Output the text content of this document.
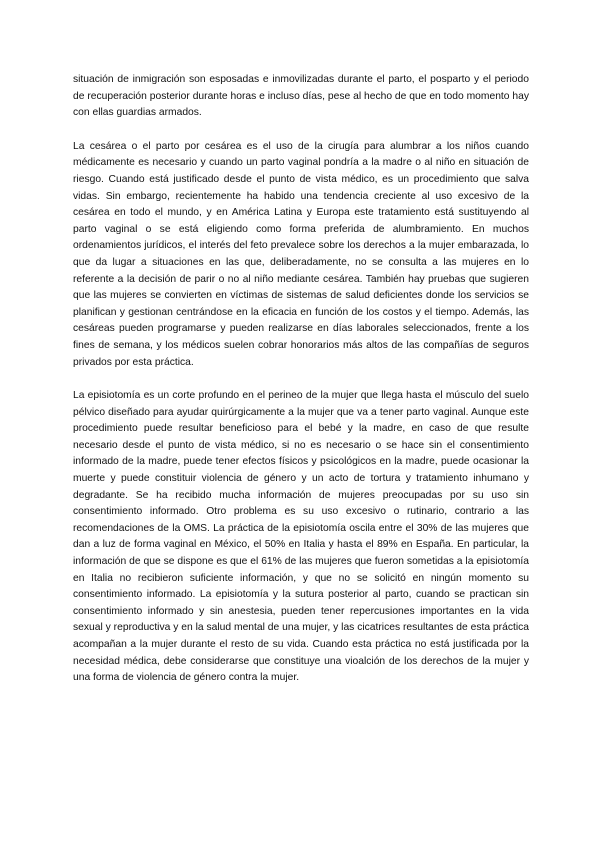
situación de inmigración son esposadas e inmovilizadas durante el parto, el posparto y el periodo de recuperación posterior durante horas e incluso días, pese al hecho de que en todo momento hay con ellas guardias armados.

La cesárea o el parto por cesárea es el uso de la cirugía para alumbrar a los niños cuando médicamente es necesario y cuando un parto vaginal pondría a la madre o al niño en situación de riesgo. Cuando está justificado desde el punto de vista médico, es un procedimiento que salva vidas. Sin embargo, recientemente ha habido una tendencia creciente al uso excesivo de la cesárea en todo el mundo, y en América Latina y Europa este tratamiento está sustituyendo al parto vaginal o se está eligiendo como forma preferida de alumbramiento. En muchos ordenamientos jurídicos, el interés del feto prevalece sobre los derechos a la mujer embarazada, lo que da lugar a situaciones en las que, deliberadamente, no se consulta a las mujeres en lo referente a la decisión de parir o no al niño mediante cesárea. También hay pruebas que sugieren que las mujeres se convierten en víctimas de sistemas de salud deficientes donde los servicios se planifican y gestionan centrándose en la eficacia en función de los costos y el tiempo. Además, las cesáreas pueden programarse y pueden realizarse en días laborales seleccionados, frente a los fines de semana, y los médicos suelen cobrar honorarios más altos de las compañías de seguros privados por esta práctica.

La episiotomía es un corte profundo en el perineo de la mujer que llega hasta el músculo del suelo pélvico diseñado para ayudar quirúrgicamente a la mujer que va a tener parto vaginal. Aunque este procedimiento puede resultar beneficioso para el bebé y la madre, en caso de que resulte necesario desde el punto de vista médico, si no es necesario o se hace sin el consentimiento informado de la madre, puede tener efectos físicos y psicológicos en la madre, puede ocasionar la muerte y puede constituir violencia de género y un acto de tortura y tratamiento inhumano y degradante. Se ha recibido mucha información de mujeres preocupadas por su uso sin consentimiento informado. Otro problema es su uso excesivo o rutinario, contrario a las recomendaciones de la OMS. La práctica de la episiotomía oscila entre el 30% de las mujeres que dan a luz de forma vaginal en México, el 50% en Italia y hasta el 89% en España. En particular, la información de que se dispone es que el 61% de las mujeres que fueron sometidas a la episiotomía en Italia no recibieron suficiente información, y que no se solicitó en ningún momento su consentimiento informado. La episiotomía y la sutura posterior al parto, cuando se practican sin consentimiento informado y sin anestesia, pueden tener repercusiones importantes en la vida sexual y reproductiva y en la salud mental de una mujer, y las cicatrices resultantes de esta práctica acompañan a la mujer durante el resto de su vida. Cuando esta práctica no está justificada por la necesidad médica, debe considerarse que constituye una vioalción de los derechos de la mujer y una forma de violencia de género contra la mujer.
